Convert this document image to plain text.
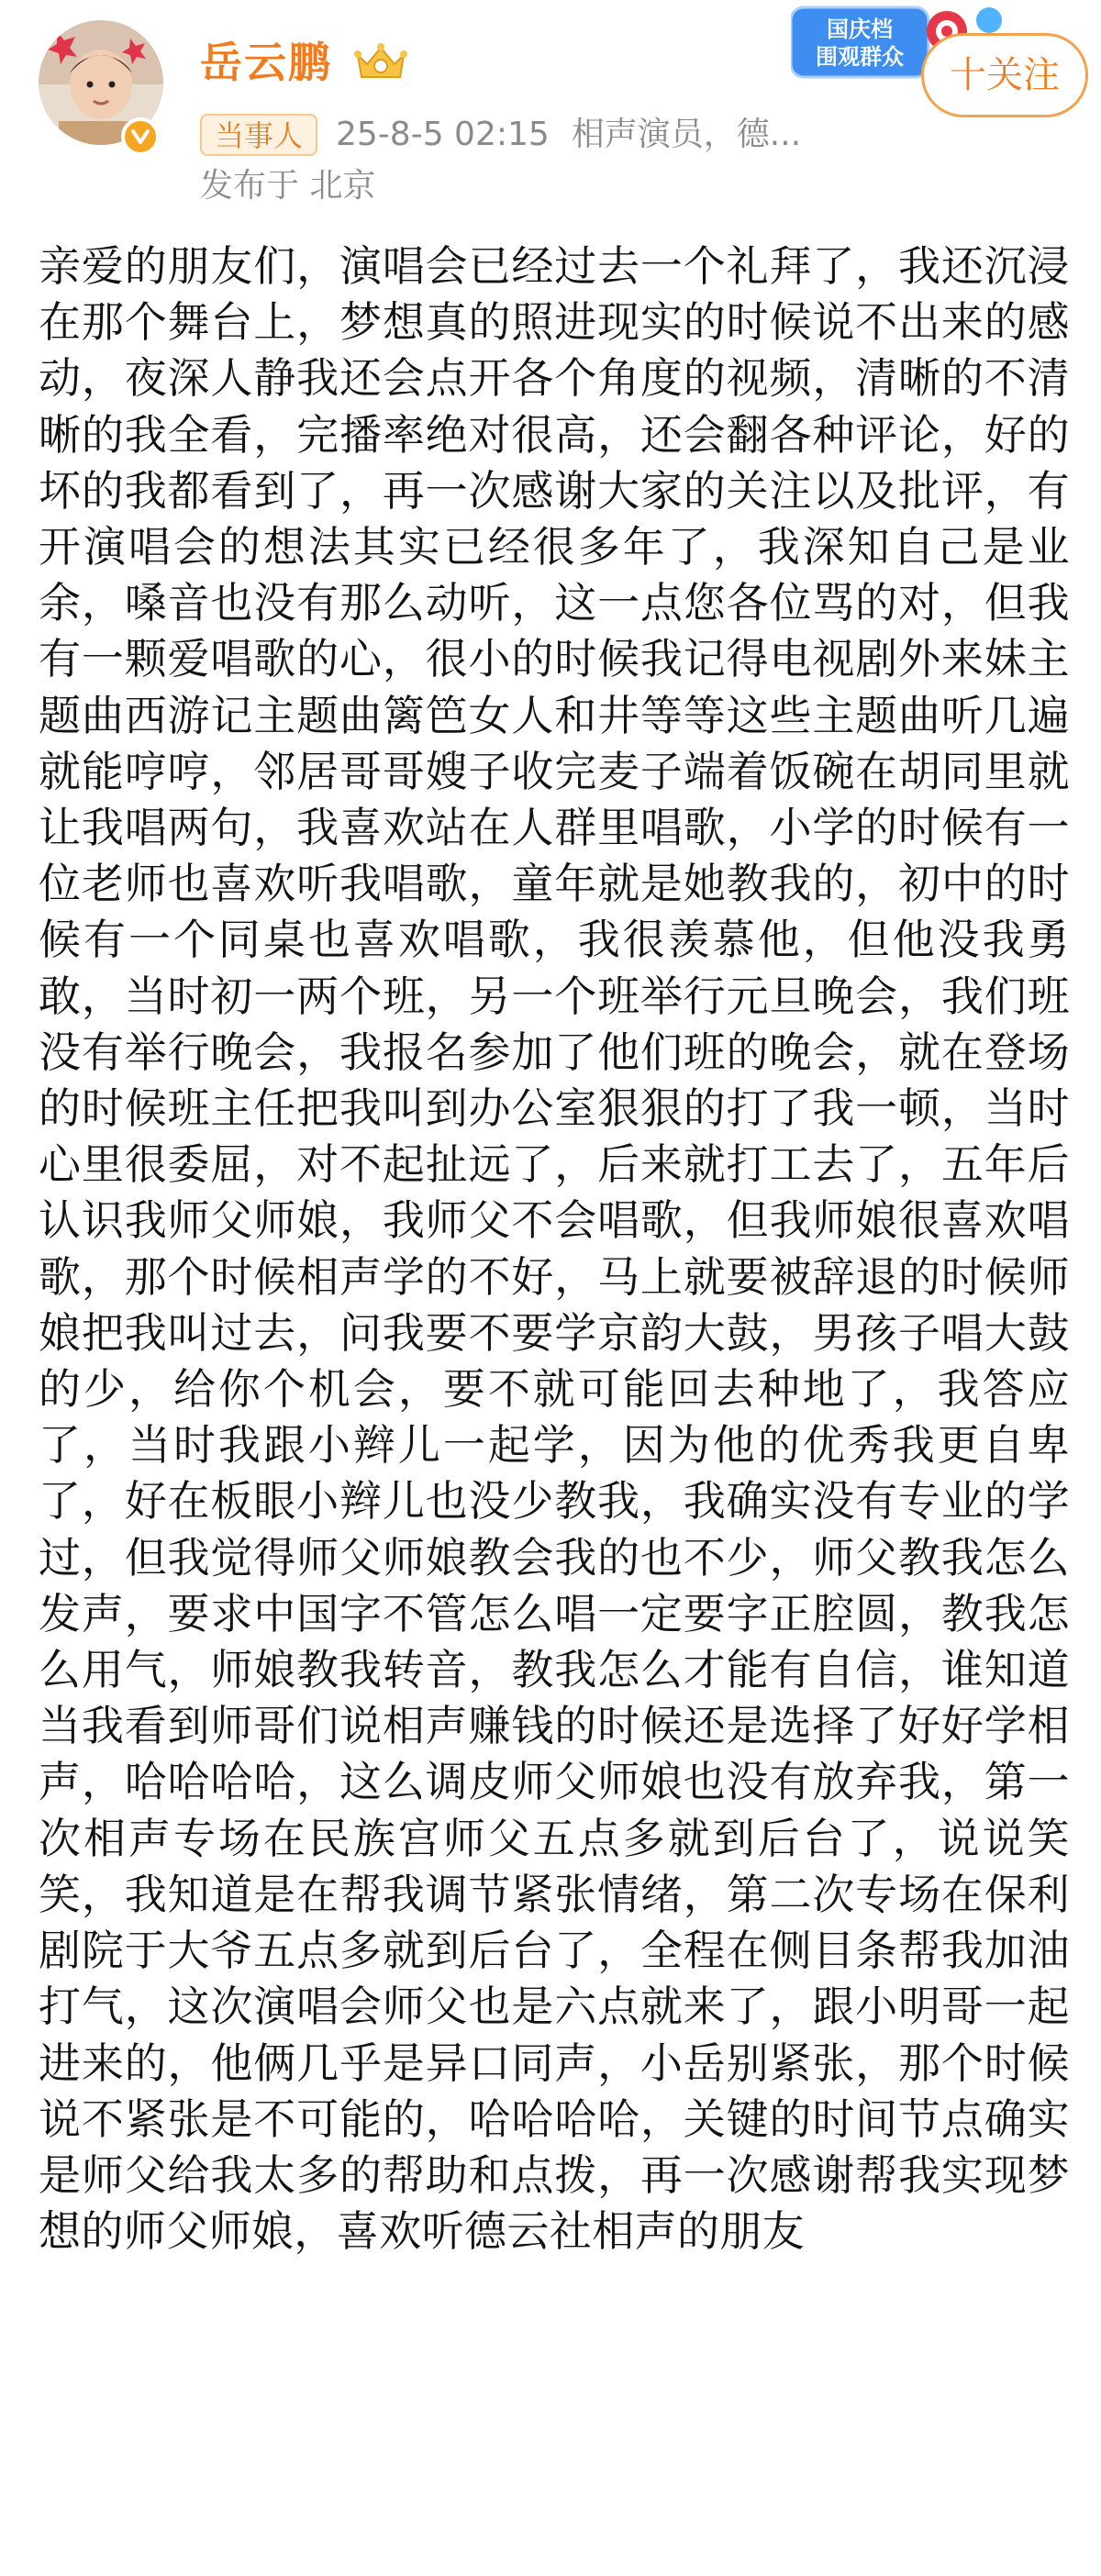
岳云鹏
当事人 25-8-5 02:15 相声演员，德...
发布于 北京
国庆档
围观群众	十关注
亲爱的朋友们，演唱会已经过去一个礼拜了，我还沉浸在那个舞台上，梦想真的照进现实的时候说不出来的感动，夜深人静我还会点开各个角度的视频，清晰的不清晰的我全看，完播率绝对很高，还会翻各种评论，好的坏的我都看到了，再一次感谢大家的关注以及批评，有开演唱会的想法其实已经很多年了，我深知自己是业余，嗓音也没有那么动听，这一点您各位骂的对，但我有一颗爱唱歌的心，很小的时候我记得电视剧外来妹主题曲西游记主题曲篱笆女人和井等等这些主题曲听几遍就能哼哼，邻居哥哥嫂子收完麦子端着饭碗在胡同里就让我唱两句，我喜欢站在人群里唱歌，小学的时候有一位老师也喜欢听我唱歌，童年就是她教我的，初中的时候有一个同桌也喜欢唱歌，我很羡慕他，但他没我勇敢，当时初一两个班，另一个班举行元旦晚会，我们班没有举行晚会，我报名参加了他们班的晚会，就在登场的时候班主任把我叫到办公室狠狠的打了我一顿，当时心里很委屈，对不起扯远了，后来就打工去了，五年后认识我师父师娘，我师父不会唱歌，但我师娘很喜欢唱歌，那个时候相声学的不好，马上就要被辞退的时候师娘把我叫过去，问我要不要学京韵大鼓，男孩子唱大鼓的少，给你个机会，要不就可能回去种地了，我答应了，当时我跟小辫儿一起学，因为他的优秀我更自卑了，好在板眼小辫儿也没少教我，我确实没有专业的学过，但我觉得师父师娘教会我的也不少，师父教我怎么发声，要求中国字不管怎么唱一定要字正腔圆，教我怎么用气，师娘教我转音，教我怎么才能有自信，谁知道当我看到师哥们说相声赚钱的时候还是选择了好好学相声，哈哈哈哈，这么调皮师父师娘也没有放弃我，第一次相声专场在民族宫师父五点多就到后台了，说说笑笑，我知道是在帮我调节紧张情绪，第二次专场在保利剧院于大爷五点多就到后台了，全程在侧目条帮我加油打气，这次演唱会师父也是六点就来了，跟小明哥一起进来的，他俩几乎是异口同声，小岳别紧张，那个时候说不紧张是不可能的，哈哈哈哈，关键的时间节点确实是师父给我太多的帮助和点拨，再一次感谢帮我实现梦想的师父师娘，喜欢听德云社相声的朋友
